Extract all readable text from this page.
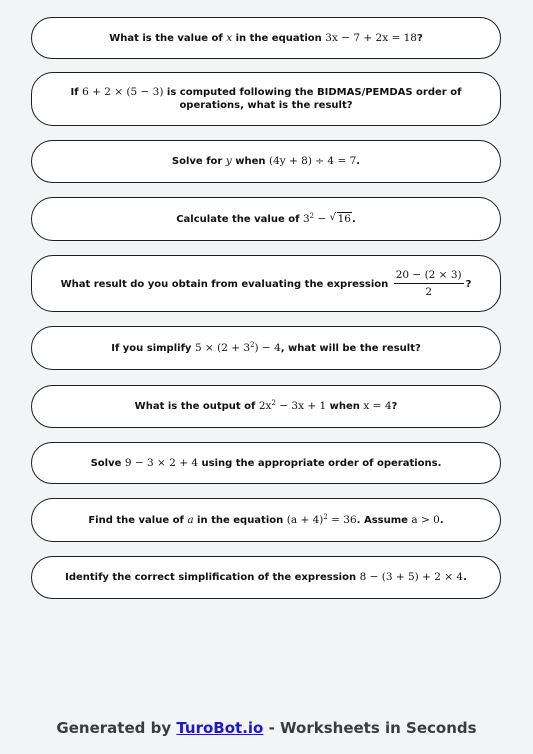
What is the value of x in the equation 3x − 7 + 2x = 18?
If 6 + 2 × (5 − 3) is computed following the BIDMAS/PEMDAS order of operations, what is the result?
Solve for y when (4y + 8) ÷ 4 = 7.
Calculate the value of $3^2$ − √ 16.
What result do you obtain from evaluating the expression $\frac{20 - (2 \times 3)}{2}$ ?
If you simplify $5 \times (2 + 3^2) - 4$, what will be the result?
What is the output of $2x^2 - 3x + 1$ when x = 4?
Solve 9 − 3 × 2 + 4 using the appropriate order of operations.
Find the value of a in the equation $(a + 4)^2 = 36$. Assume a > 0.
Identify the correct simplification of the expression 8 − (3 + 5) + 2 × 4.
Generated by TuroBot.io - Worksheets in Seconds
